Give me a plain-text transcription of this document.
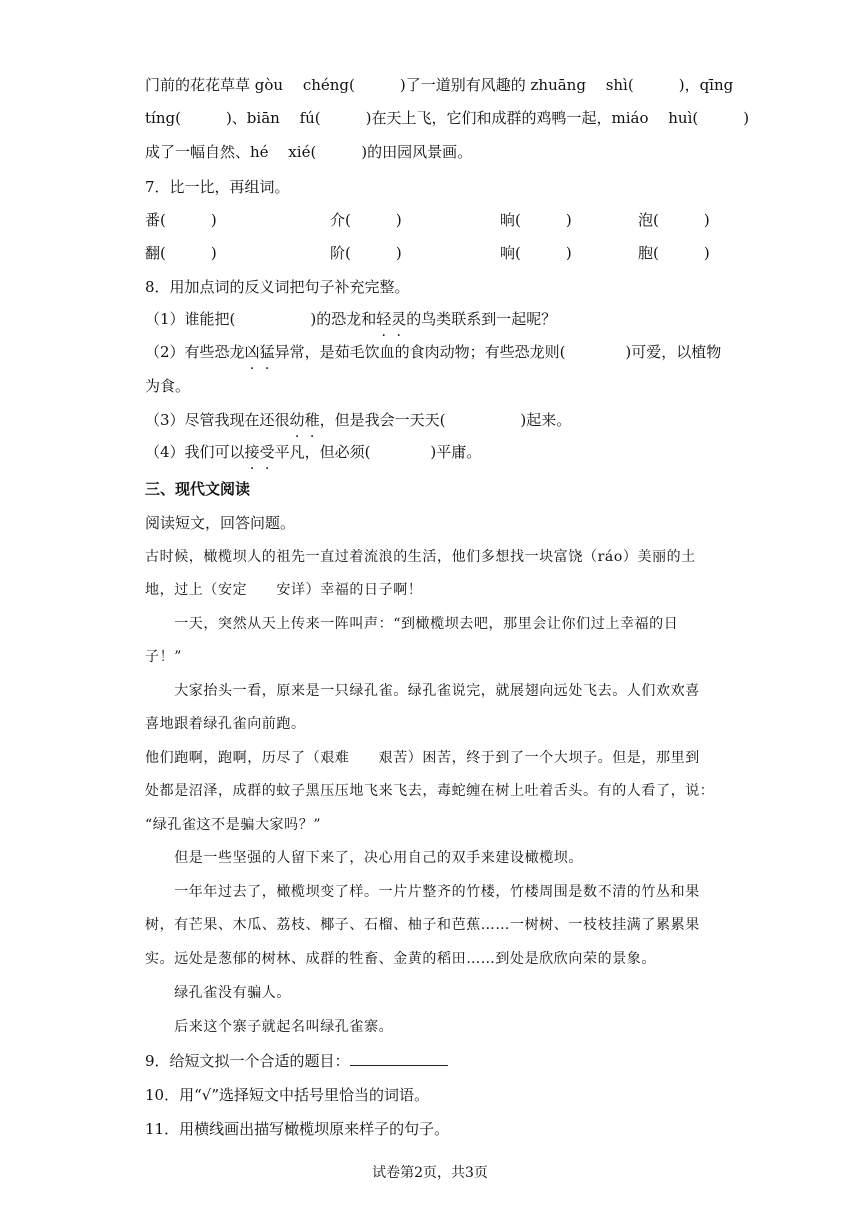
门前的花花草草 gòu　 chéng(　　　)了一道别有风趣的 zhuāng　 shì(　　　)，qīng
tíng(　　　)、biān　 fú(　　　)在天上飞，它们和成群的鸡鸭一起，miáo　 huì(　　　)
成了一幅自然、hé　 xié(　　　)的田园风景画。
7．比一比，再组词。
番(　　　)	介(　　　)	晌(　　　)	泡(　　　)
翻(　　　)	阶(　　　)	响(　　　)	胞(　　　)
8．用加点词的反义词把句子补充完整。
（1）谁能把(　　　　　)的恐龙和轻灵的鸟类联系到一起呢？
（2）有些恐龙凶猛异常，是茹毛饮血的食肉动物；有些恐龙则(　　　　)可爱，以植物
为食。
（3）尽管我现在还很幼稚，但是我会一天天(　　　　　)起来。
（4）我们可以接受平凡，但必须(　　　　)平庸。
三、现代文阅读
阅读短文，回答问题。
古时候，橄榄坝人的祖先一直过着流浪的生活，他们多想找一块富饶（ráo）美丽的土
地，过上（安定　　安详）幸福的日子啊！
　　一天，突然从天上传来一阵叫声：“到橄榄坝去吧，那里会让你们过上幸福的日
子！”
　　大家抬头一看，原来是一只绿孔雀。绿孔雀说完，就展翅向远处飞去。人们欢欢喜
喜地跟着绿孔雀向前跑。
他们跑啊，跑啊，历尽了（艰难　　艰苦）困苦，终于到了一个大坝子。但是，那里到
处都是沼泽，成群的蚊子黑压压地飞来飞去，毒蛇缠在树上吐着舌头。有的人看了，说：
“绿孔雀这不是骗大家吗？”
　　但是一些坚强的人留下来了，决心用自己的双手来建设橄榄坝。
　　一年年过去了，橄榄坝变了样。一片片整齐的竹楼，竹楼周围是数不清的竹丛和果
树，有芒果、木瓜、荔枝、椰子、石榴、柚子和芭蕉……一树树、一枝枝挂满了累累果
实。远处是葱郁的树林、成群的牲畜、金黄的稻田……到处是欣欣向荣的景象。
　　绿孔雀没有骗人。
　　后来这个寨子就起名叫绿孔雀寨。
9．给短文拟一个合适的题目：
10．用“√”选择短文中括号里恰当的词语。
11．用横线画出描写橄榄坝原来样子的句子。
试卷第2页，共3页
